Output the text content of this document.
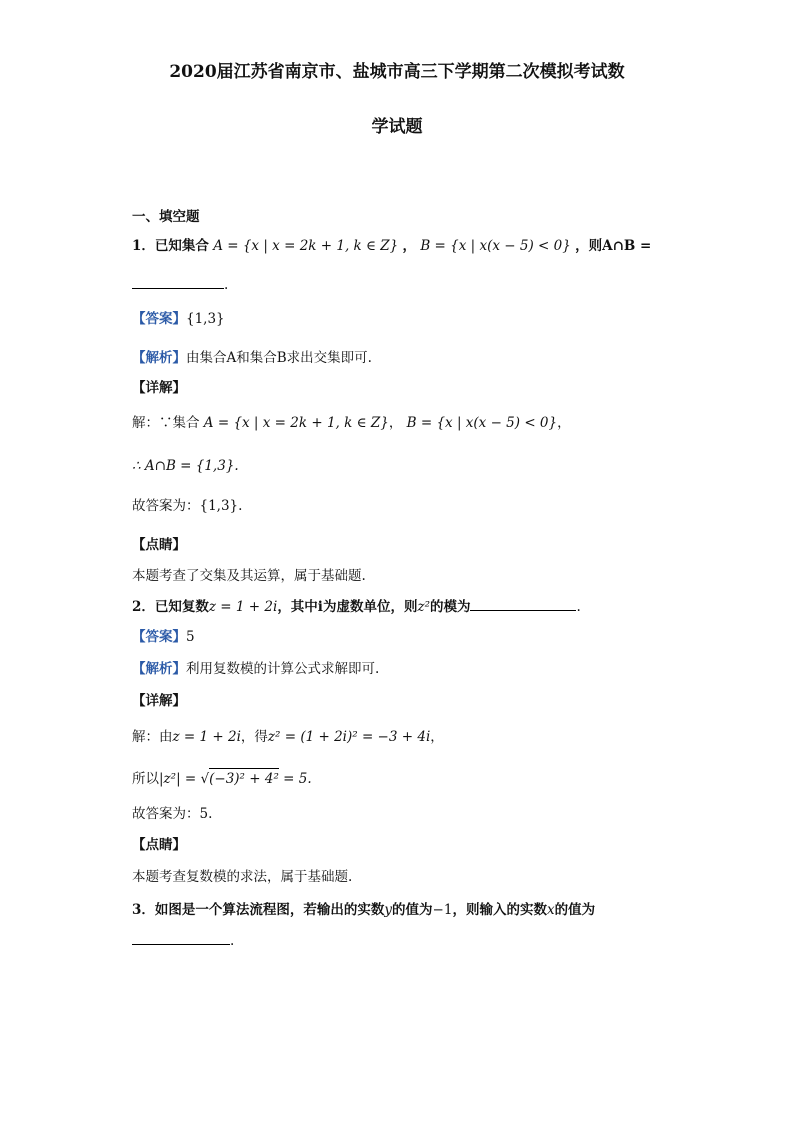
2020届江苏省南京市、盐城市高三下学期第二次模拟考试数
学试题
一、填空题
1．已知集合 A = {x | x = 2k + 1, k ∈ Z} ， B = {x | x(x − 5) < 0} ，则A∩B =
.
【答案】{1,3}
【解析】由集合A和集合B求出交集即可.
【详解】
解：∵集合 A = {x | x = 2k + 1, k ∈ Z}， B = {x | x(x − 5) < 0}，
∴ A∩B = {1,3}.
故答案为：{1,3}.
【点睛】
本题考查了交集及其运算，属于基础题.
2．已知复数z = 1 + 2i，其中i为虚数单位，则z²的模为	.
【答案】5
【解析】利用复数模的计算公式求解即可.
【详解】
解：由z = 1 + 2i，得z² = (1 + 2i)² = −3 + 4i，
所以|z²| = √(−3)² + 4² = 5.
故答案为：5.
【点睛】
本题考查复数模的求法，属于基础题.
3．如图是一个算法流程图，若输出的实数y的值为−1，则输入的实数x的值为
.
